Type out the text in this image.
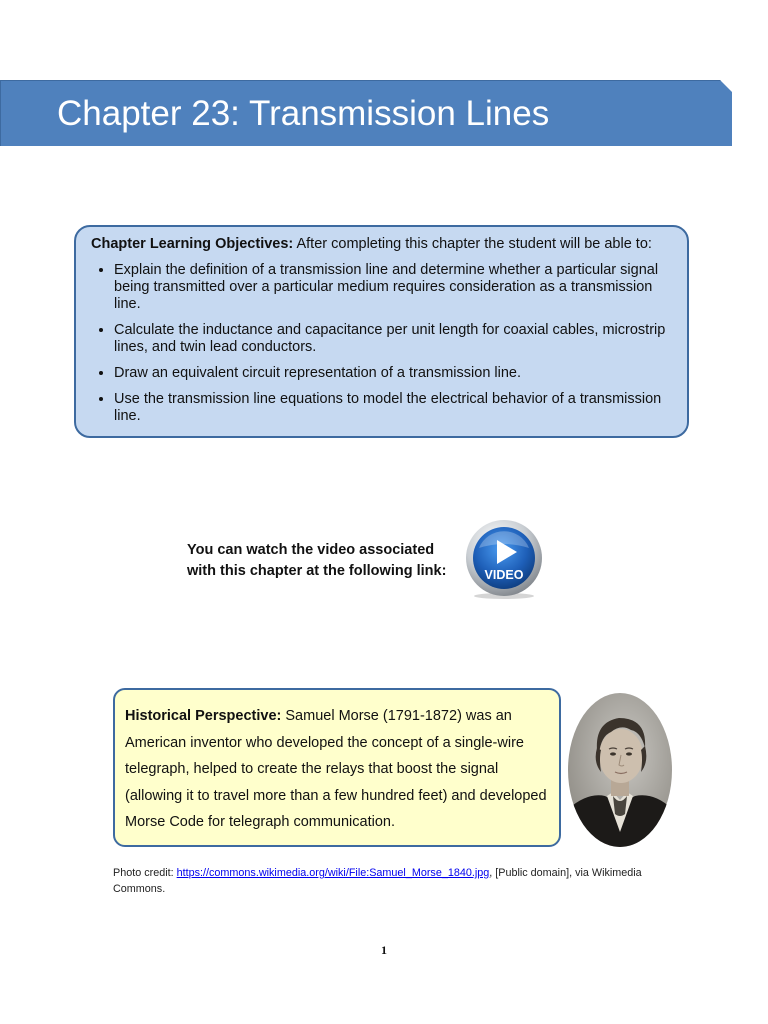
Chapter 23: Transmission Lines

Chapter Learning Objectives: After completing this chapter the student will be able to:

• Explain the definition of a transmission line and determine whether a particular signal being transmitted over a particular medium requires consideration as a transmission line.
• Calculate the inductance and capacitance per unit length for coaxial cables, microstrip lines, and twin lead conductors.
• Draw an equivalent circuit representation of a transmission line.
• Use the transmission line equations to model the electrical behavior of a transmission line.
You can watch the video associated
with this chapter at the following link:	VIDEO

Historical Perspective: Samuel Morse (1791-1872) was an American inventor who developed the concept of a single-wire telegraph, helped to create the relays that boost the signal (allowing it to travel more than a few hundred feet) and developed Morse Code for telegraph communication.

Photo credit: https://commons.wikimedia.org/wiki/File:Samuel_Morse_1840.jpg, [Public domain], via Wikimedia Commons.
1
